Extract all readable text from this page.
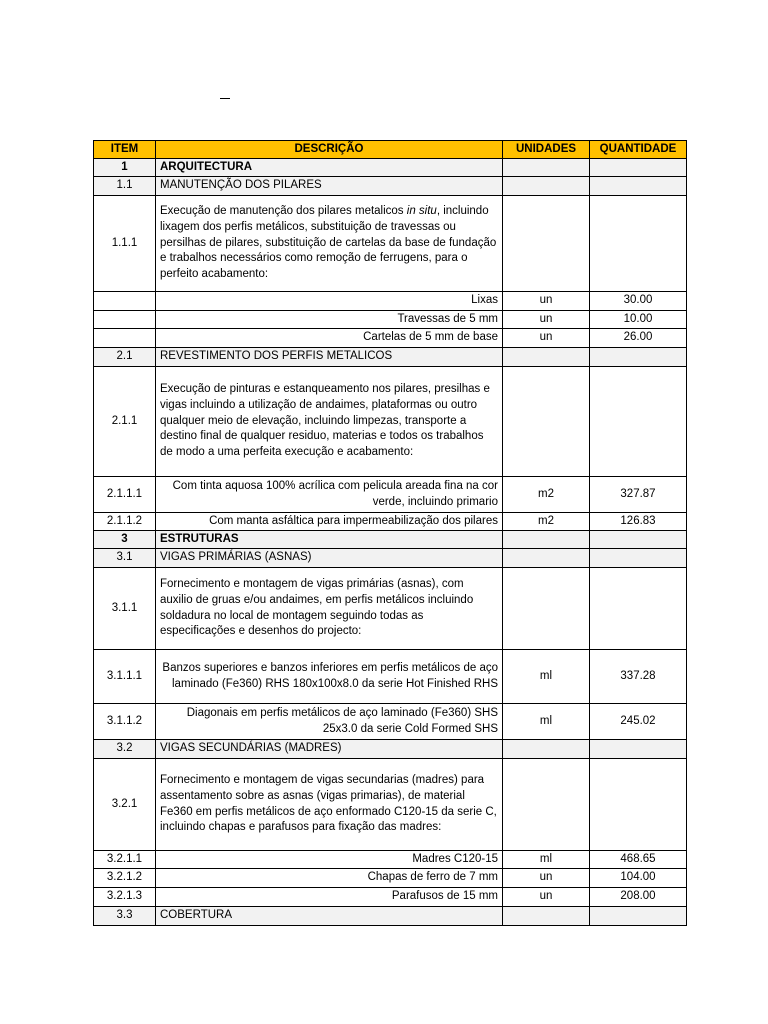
ITEM	DESCRIÇÃO	UNIDADES	QUANTIDADE
1	ARQUITECTURA		
1.1	MANUTENÇÃO DOS PILARES		
1.1.1	Execução de manutenção dos pilares metalicos in situ, incluindo lixagem dos perfis metálicos, substituição de travessas ou persilhas de pilares, substituição de cartelas da base de fundação e trabalhos necessários como remoção de ferrugens, para o perfeito acabamento:		
	Lixas	un	30.00
	Travessas de 5 mm	un	10.00
	Cartelas de 5 mm de base	un	26.00
2.1	REVESTIMENTO DOS PERFIS METALICOS		
2.1.1	Execução de pinturas e estanqueamento nos pilares, presilhas e vigas incluindo a utilização de andaimes, plataformas ou outro qualquer meio de elevação, incluindo limpezas, transporte a destino final de qualquer residuo, materias e todos os trabalhos de modo a uma perfeita execução e acabamento:		
2.1.1.1	Com tinta aquosa 100% acrílica com pelicula areada fina na cor verde, incluindo primario	m2	327.87
2.1.1.2	Com manta asfáltica para impermeabilização dos pilares	m2	126.83
3	ESTRUTURAS		
3.1	VIGAS PRIMÁRIAS (ASNAS)		
3.1.1	Fornecimento e montagem de vigas primárias (asnas), com auxilio de gruas e/ou andaimes, em perfis metálicos incluindo soldadura no local de montagem seguindo todas as especificações e desenhos do projecto:		
3.1.1.1	Banzos superiores e banzos inferiores em perfis metálicos de aço laminado (Fe360) RHS 180x100x8.0 da serie Hot Finished RHS	ml	337.28
3.1.1.2	Diagonais em perfis metálicos de aço laminado (Fe360) SHS 25x3.0 da serie Cold Formed SHS	ml	245.02
3.2	VIGAS SECUNDÁRIAS (MADRES)		
3.2.1	Fornecimento e montagem de vigas secundarias (madres) para assentamento sobre as asnas (vigas primarias), de material Fe360 em perfis metálicos de aço enformado C120-15 da serie C, incluindo chapas e parafusos para fixação das madres:		
3.2.1.1	Madres C120-15	ml	468.65
3.2.1.2	Chapas de ferro de 7 mm	un	104.00
3.2.1.3	Parafusos de 15 mm	un	208.00
3.3	COBERTURA		
